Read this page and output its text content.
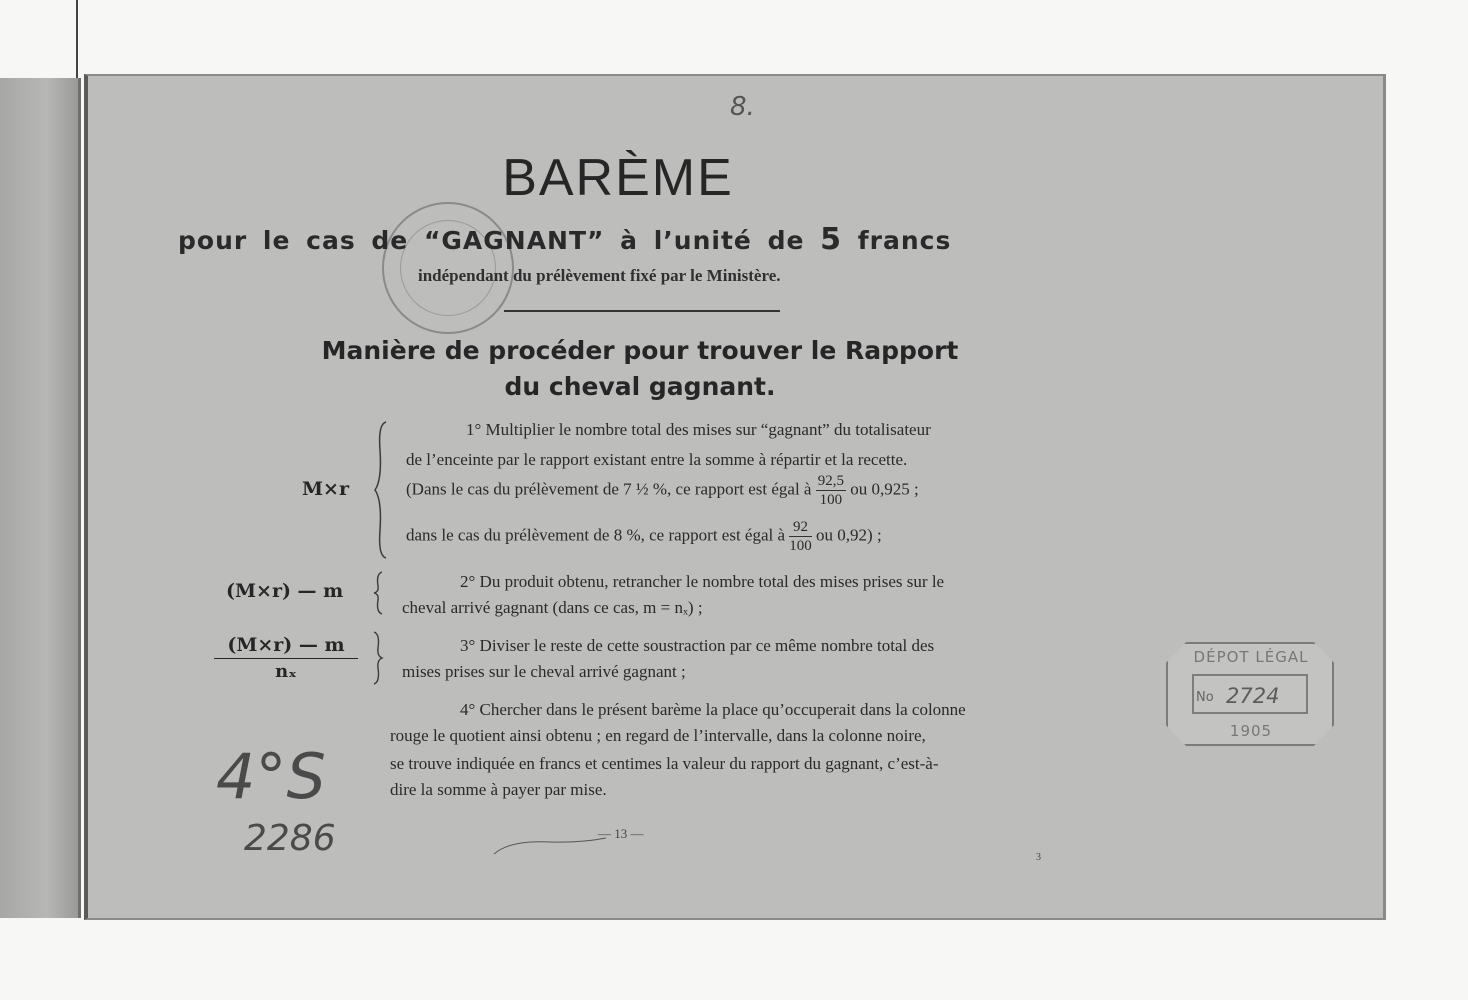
8.
BARÈME
pour le cas de “GAGNANT” à l’unité de 5 francs
indépendant du prélèvement fixé par le Ministère.
Manière de procéder pour trouver le Rapport
du cheval gagnant.
M×r
1° Multiplier le nombre total des mises sur “gagnant” du totalisateur
de l’enceinte par le rapport existant entre la somme à répartir et la recette.
(Dans le cas du prélèvement de 7 ½ %, ce rapport est égal à $\frac{92,5}{100}$ ou 0,925 ;
dans le cas du prélèvement de 8 %, ce rapport est égal à $\frac{92}{100}$ ou 0,92) ;
(M×r) — m	2° Du produit obtenu, retrancher le nombre total des mises prises sur le
cheval arrivé gagnant (dans ce cas, m = nₓ) ;
$\frac{(M\times r) — m}{\text{nₓ}}$	3° Diviser le reste de cette soustraction par ce même nombre total des
mises prises sur le cheval arrivé gagnant ;
4° Chercher dans le présent barème la place qu’occuperait dans la colonne
rouge le quotient ainsi obtenu ; en regard de l’intervalle, dans la colonne noire,
se trouve indiquée en francs et centimes la valeur du rapport du gagnant, c’est-à-
dire la somme à payer par mise.
4°S
2286
DÉPOT LÉGAL
No 2724
1905
— 13 —
3
